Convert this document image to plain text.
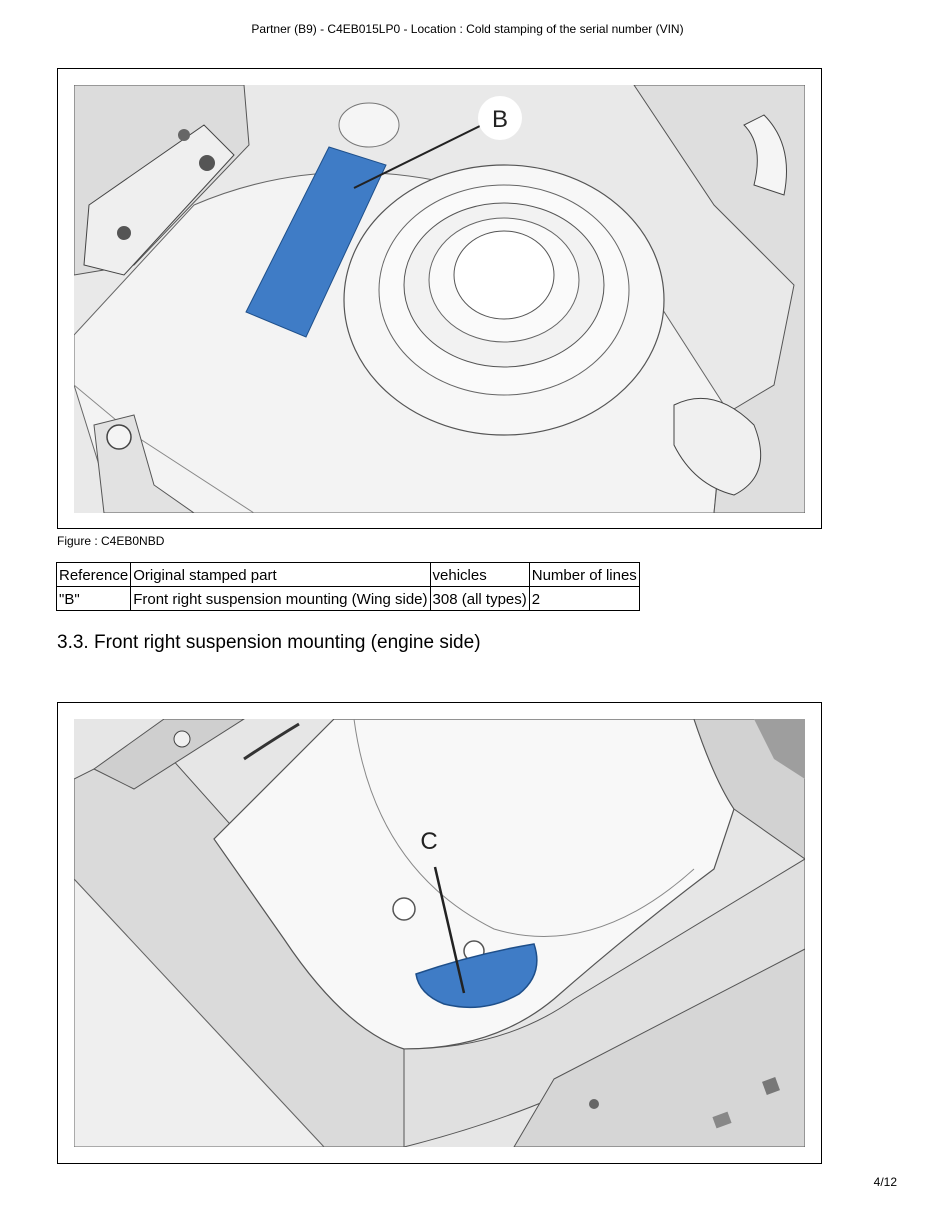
Partner (B9) - C4EB015LP0 - Location : Cold stamping of the serial number (VIN)
B
Figure : C4EB0NBD
Reference	Original stamped part	vehicles	Number of lines
"B"	Front right suspension mounting (Wing side)	308 (all types)	2
3.3. Front right suspension mounting (engine side)
C
4/12
